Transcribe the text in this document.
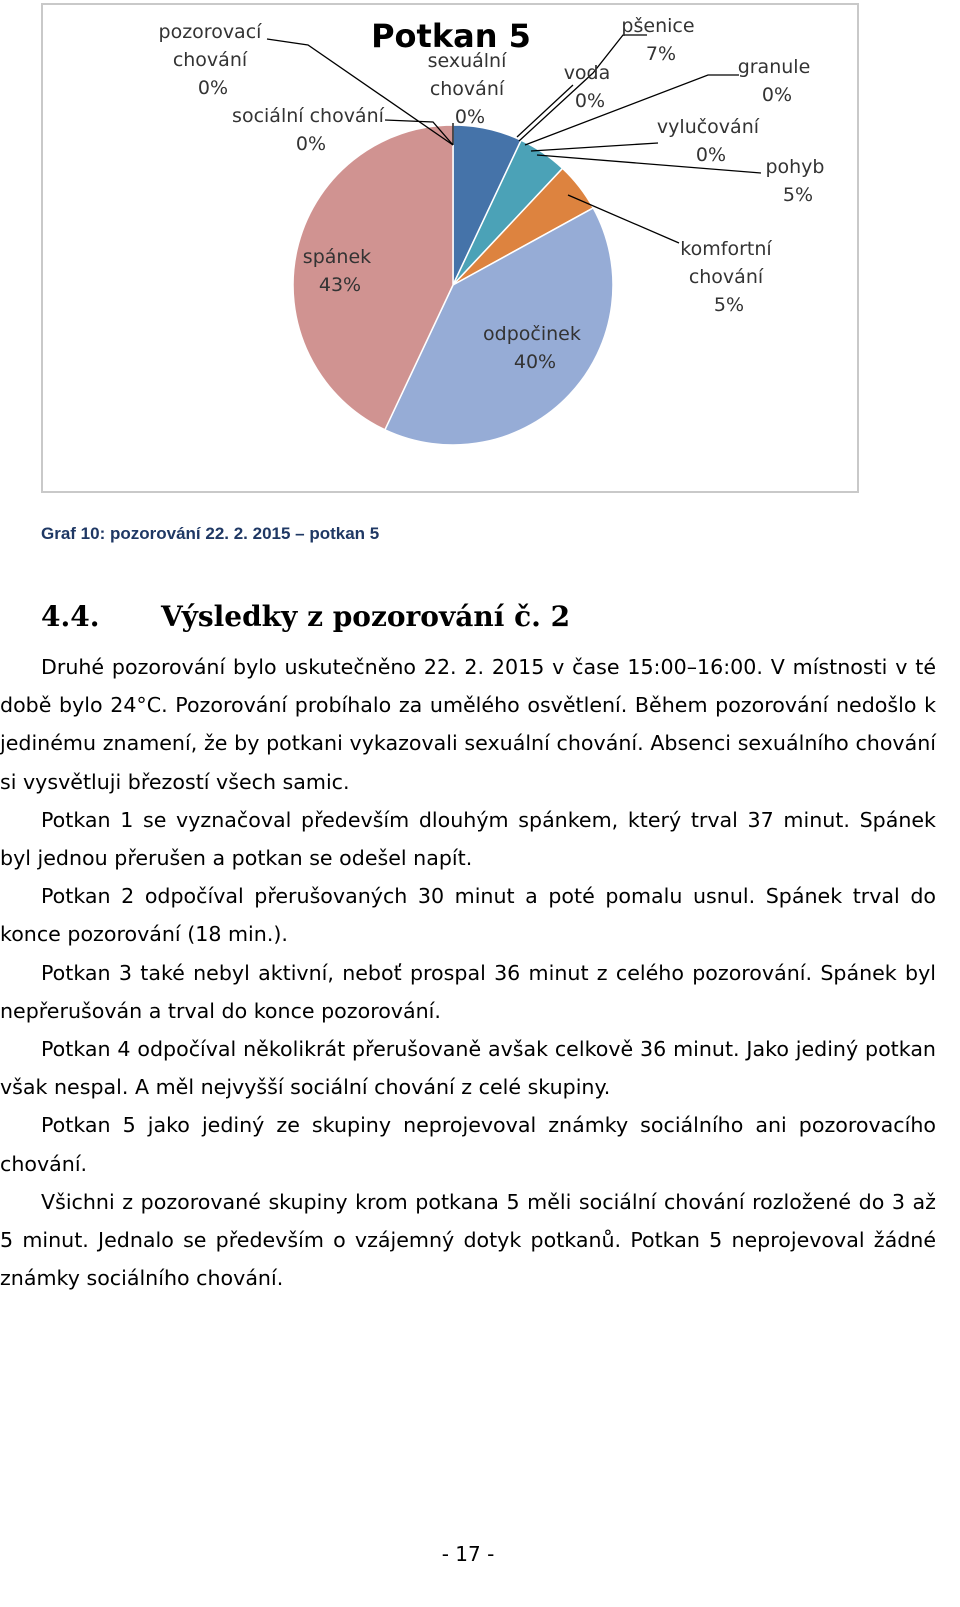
Potkan 5
pozorovací chování 0%
sociální chování 0%
sexuální chování 0%
voda 0%
pšenice 7%
granule 0%
vylučování 0%
pohyb 5%
komfortní chování 5%
spánek 43%
odpočinek 40%
Graf 10: pozorování 22. 2. 2015 – potkan 5
4.4. Výsledky z pozorování č. 2

Druhé pozorování bylo uskutečněno 22. 2. 2015 v čase 15:00–16:00. V místnosti v té době bylo 24°C. Pozorování probíhalo za umělého osvětlení. Během pozorování nedošlo k jedinému znamení, že by potkani vykazovali sexuální chování. Absenci sexuálního chování si vysvětluji březostí všech samic.

Potkan 1 se vyznačoval především dlouhým spánkem, který trval 37 minut. Spánek byl jednou přerušen a potkan se odešel napít.

Potkan 2 odpočíval přerušovaných 30 minut a poté pomalu usnul. Spánek trval do konce pozorování (18 min.).

Potkan 3 také nebyl aktivní, neboť prospal 36 minut z celého pozorování. Spánek byl nepřerušován a trval do konce pozorování.

Potkan 4 odpočíval několikrát přerušovaně avšak celkově 36 minut. Jako jediný potkan však nespal. A měl nejvyšší sociální chování z celé skupiny.

Potkan 5 jako jediný ze skupiny neprojevoval známky sociálního ani pozorovacího chování.

Všichni z pozorované skupiny krom potkana 5 měli sociální chování rozložené do 3 až 5 minut. Jednalo se především o vzájemný dotyk potkanů. Potkan 5 neprojevoval žádné známky sociálního chování.

- 17 -
